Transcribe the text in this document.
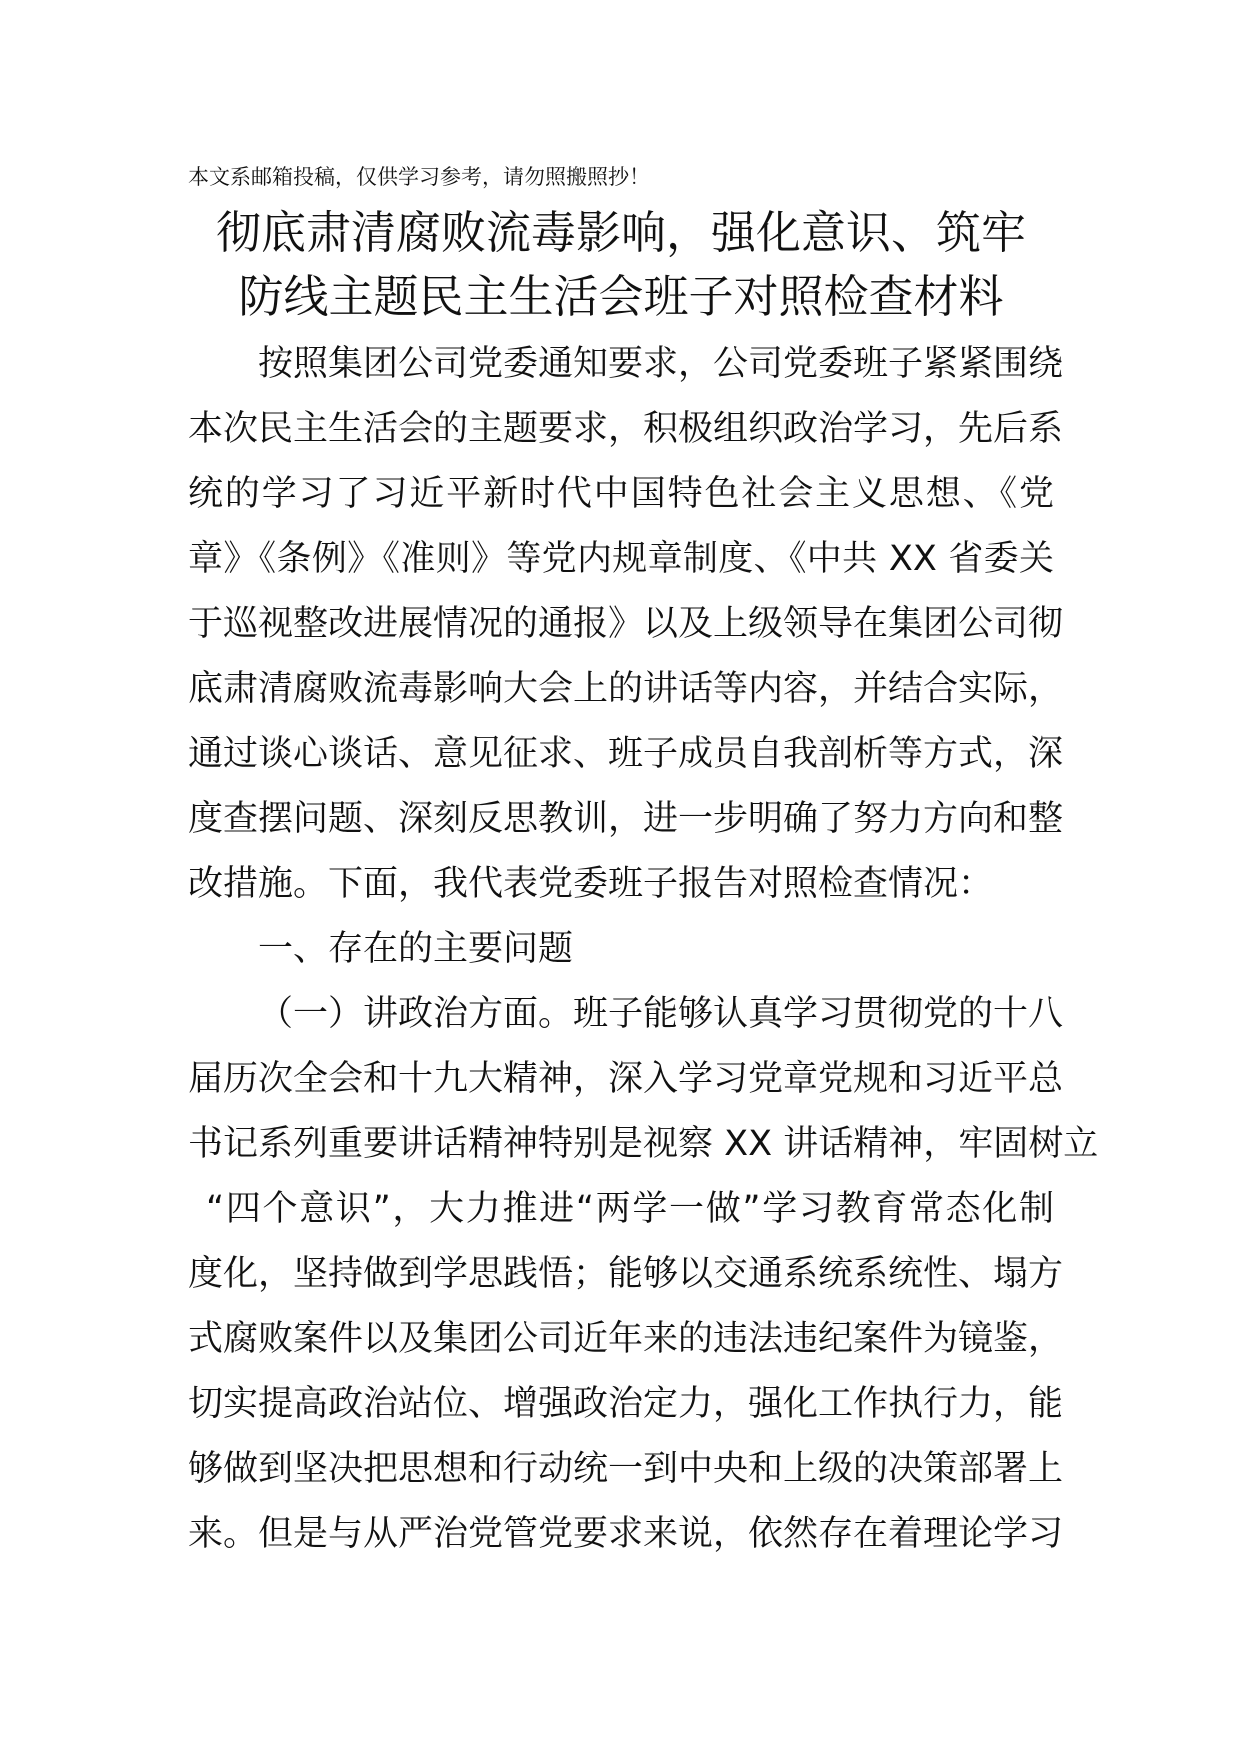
本文系邮箱投稿，仅供学习参考，请勿照搬照抄！
彻底肃清腐败流毒影响，强化意识、筑牢
防线主题民主生活会班子对照检查材料
按照集团公司党委通知要求，公司党委班子紧紧围绕
本次民主生活会的主题要求，积极组织政治学习，先后系
统的学习了习近平新时代中国特色社会主义思想、《党
章》《条例》《准则》等党内规章制度、《中共 XX 省委关
于巡视整改进展情况的通报》以及上级领导在集团公司彻
底肃清腐败流毒影响大会上的讲话等内容，并结合实际，
通过谈心谈话、意见征求、班子成员自我剖析等方式，深
度查摆问题、深刻反思教训，进一步明确了努力方向和整
改措施。下面，我代表党委班子报告对照检查情况：
一、存在的主要问题
（一）讲政治方面。班子能够认真学习贯彻党的十八
届历次全会和十九大精神，深入学习党章党规和习近平总
书记系列重要讲话精神特别是视察 XX 讲话精神，牢固树立
“四个意识”，大力推进“两学一做”学习教育常态化制
度化，坚持做到学思践悟；能够以交通系统系统性、塌方
式腐败案件以及集团公司近年来的违法违纪案件为镜鉴，
切实提高政治站位、增强政治定力，强化工作执行力，能
够做到坚决把思想和行动统一到中央和上级的决策部署上
来。但是与从严治党管党要求来说，依然存在着理论学习
